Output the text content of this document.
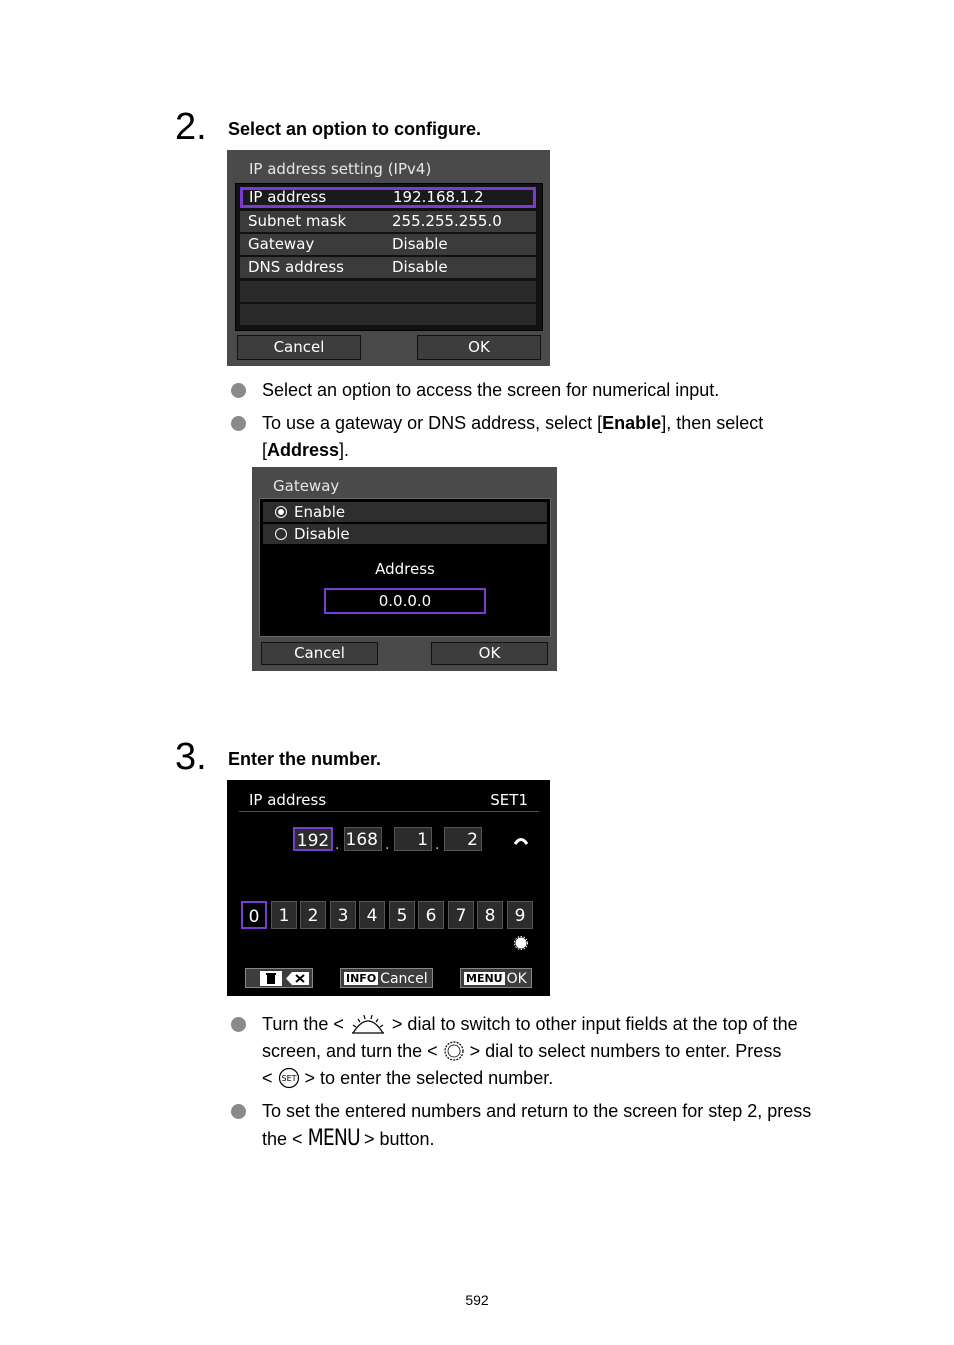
2. Select an option to configure.
IP address setting (IPv4)
IP address	192.168.1.2
Subnet mask	255.255.255.0
Gateway	Disable
DNS address	Disable
Cancel	OK
Select an option to access the screen for numerical input.
To use a gateway or DNS address, select [Enable], then select
[Address].
Gateway
Enable
Disable
Address
0.0.0.0
Cancel	OK
3. Enter the number.
IP address	SET1
192 . 168 .	1 .	2
0	1	2	3	4	5	6	7	8	9
INFO Cancel	MENU OK
Turn the <	> dial to switch to other input fields at the top of the
screen, and turn the < > dial to select numbers to enter. Press
< SET > to enter the selected number.
To set the entered numbers and return to the screen for step 2, press
the < MENU > button.
592
